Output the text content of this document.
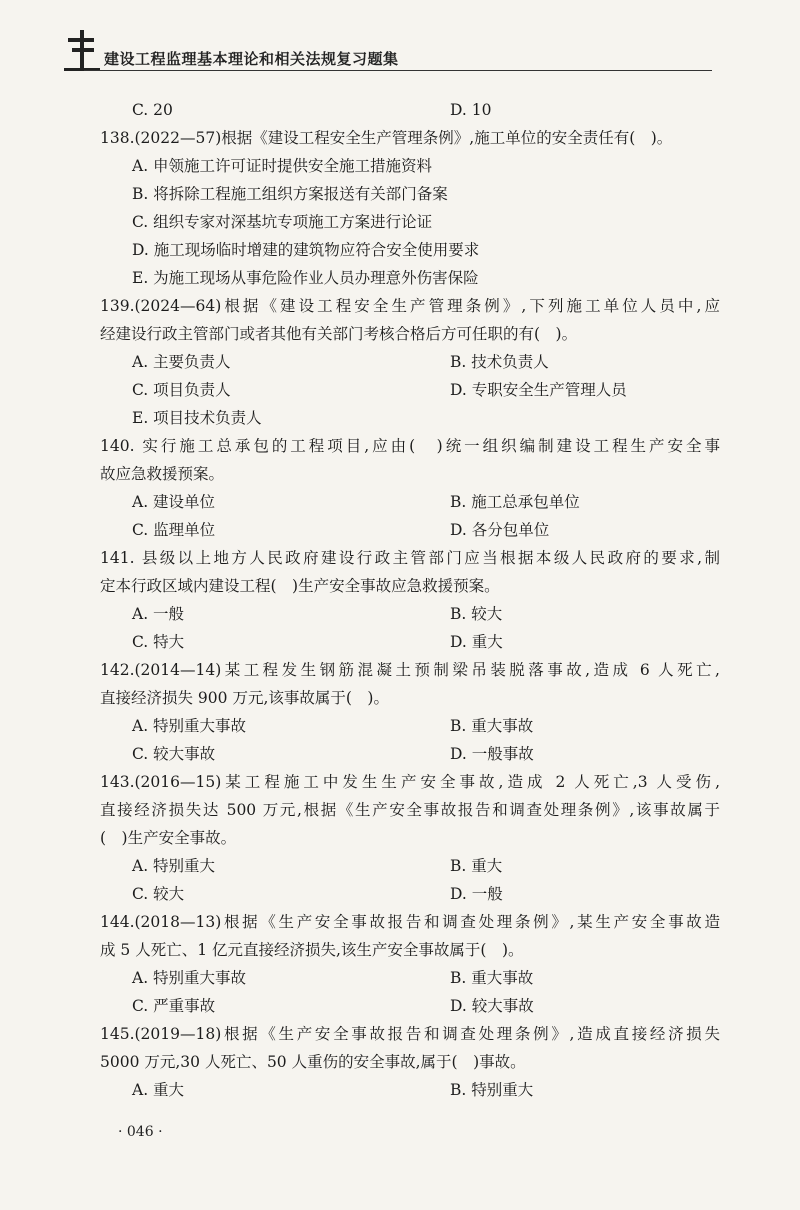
建设工程监理基本理论和相关法规复习题集
C. 20	D. 10
138.(2022—57)根据《建设工程安全生产管理条例》,施工单位的安全责任有(　)。
A. 申领施工许可证时提供安全施工措施资料
B. 将拆除工程施工组织方案报送有关部门备案
C. 组织专家对深基坑专项施工方案进行论证
D. 施工现场临时增建的建筑物应符合安全使用要求
E. 为施工现场从事危险作业人员办理意外伤害保险
139.(2024—64)根据《建设工程安全生产管理条例》,下列施工单位人员中,应
经建设行政主管部门或者其他有关部门考核合格后方可任职的有(　)。
A. 主要负责人	B. 技术负责人
C. 项目负责人	D. 专职安全生产管理人员
E. 项目技术负责人
140. 实行施工总承包的工程项目,应由(　)统一组织编制建设工程生产安全事
故应急救援预案。
A. 建设单位	B. 施工总承包单位
C. 监理单位	D. 各分包单位
141. 县级以上地方人民政府建设行政主管部门应当根据本级人民政府的要求,制
定本行政区域内建设工程(　)生产安全事故应急救援预案。
A. 一般	B. 较大
C. 特大	D. 重大
142.(2014—14)某工程发生钢筋混凝土预制梁吊装脱落事故,造成 6 人死亡,
直接经济损失 900 万元,该事故属于(　)。
A. 特别重大事故	B. 重大事故
C. 较大事故	D. 一般事故
143.(2016—15)某工程施工中发生生产安全事故,造成 2 人死亡,3 人受伤,
直接经济损失达 500 万元,根据《生产安全事故报告和调查处理条例》,该事故属于
(　)生产安全事故。
A. 特别重大	B. 重大
C. 较大	D. 一般
144.(2018—13)根据《生产安全事故报告和调查处理条例》,某生产安全事故造
成 5 人死亡、1 亿元直接经济损失,该生产安全事故属于(　)。
A. 特别重大事故	B. 重大事故
C. 严重事故	D. 较大事故
145.(2019—18)根据《生产安全事故报告和调查处理条例》,造成直接经济损失
5000 万元,30 人死亡、50 人重伤的安全事故,属于(　)事故。
A. 重大	B. 特别重大
· 046 ·
